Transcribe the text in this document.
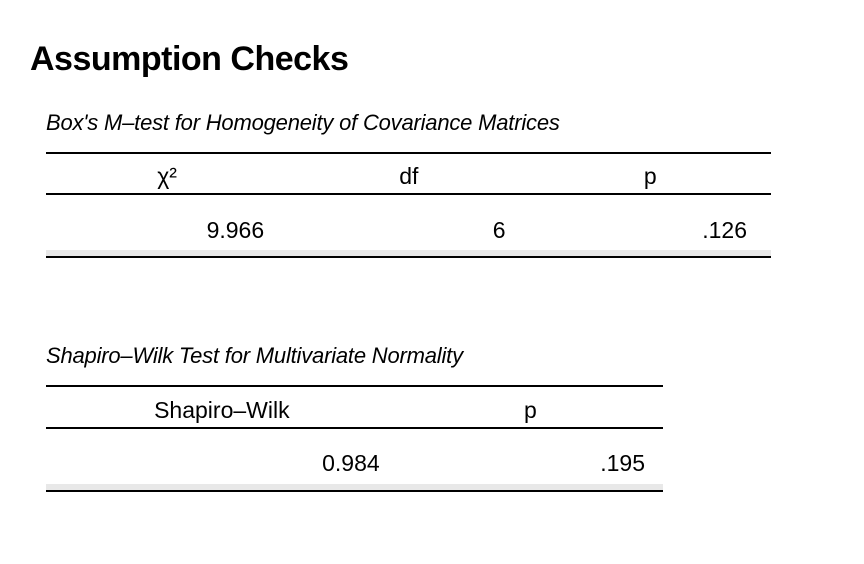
Assumption Checks
Box's M–test for Homogeneity of Covariance Matrices
χ²	df	p
9.966	6	.126

Shapiro–Wilk Test for Multivariate Normality
Shapiro–Wilk	p
0.984	.195
